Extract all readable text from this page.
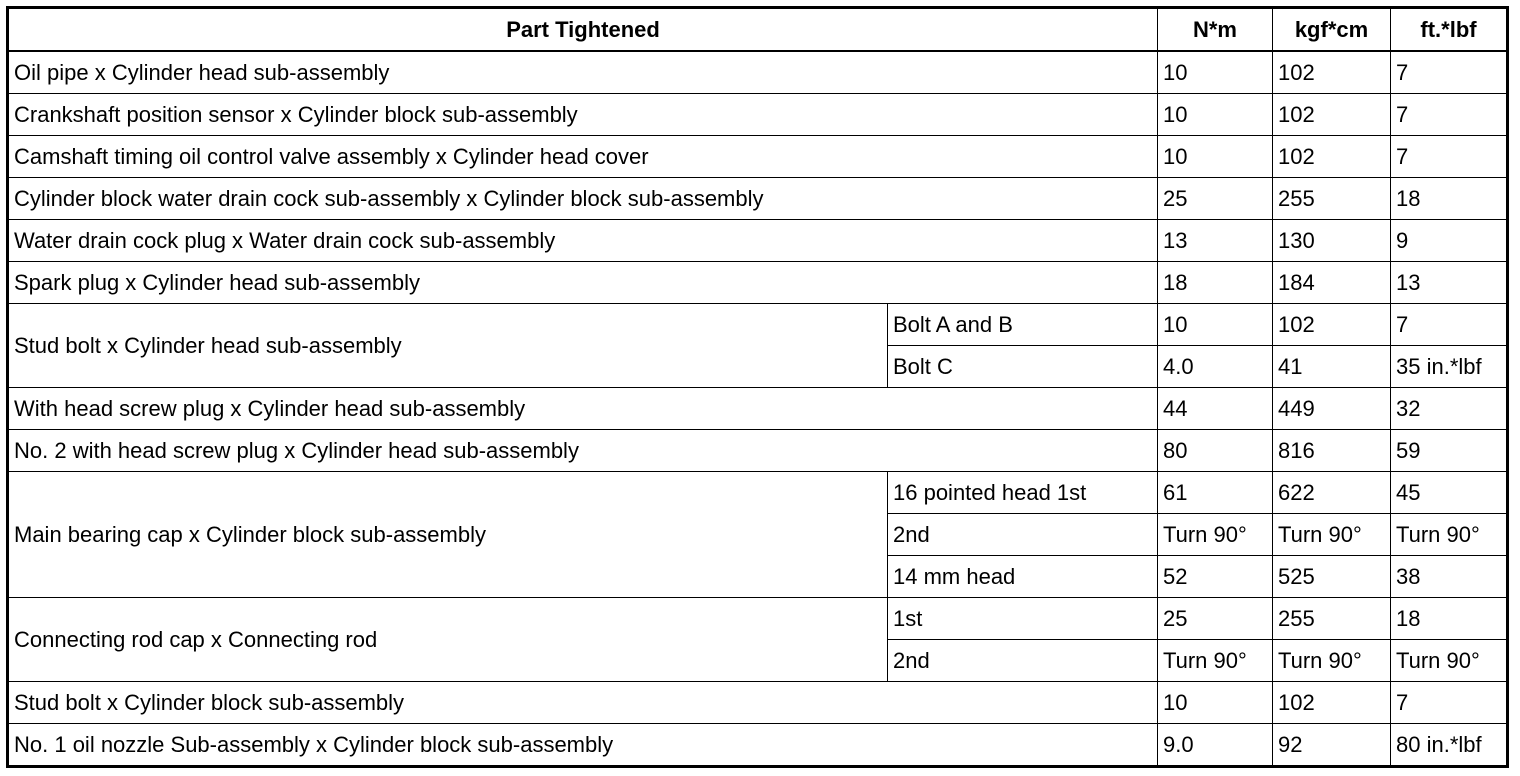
Part Tightened		N*m	kgf*cm	ft.*lbf
Oil pipe x Cylinder head sub-assembly		10	102	7
Crankshaft position sensor x Cylinder block sub-assembly		10	102	7
Camshaft timing oil control valve assembly x Cylinder head cover		10	102	7
Cylinder block water drain cock sub-assembly x Cylinder block sub-assembly		25	255	18
Water drain cock plug x Water drain cock sub-assembly		13	130	9
Spark plug x Cylinder head sub-assembly		18	184	13
Stud bolt x Cylinder head sub-assembly	Bolt A and B	10	102	7
	Bolt C	4.0	41	35 in.*lbf
With head screw plug x Cylinder head sub-assembly		44	449	32
No. 2 with head screw plug x Cylinder head sub-assembly		80	816	59
Main bearing cap x Cylinder block sub-assembly	16 pointed head 1st	61	622	45
	2nd	Turn 90°	Turn 90°	Turn 90°
	14 mm head	52	525	38
Connecting rod cap x Connecting rod	1st	25	255	18
	2nd	Turn 90°	Turn 90°	Turn 90°
Stud bolt x Cylinder block sub-assembly		10	102	7
No. 1 oil nozzle Sub-assembly x Cylinder block sub-assembly		9.0	92	80 in.*lbf
